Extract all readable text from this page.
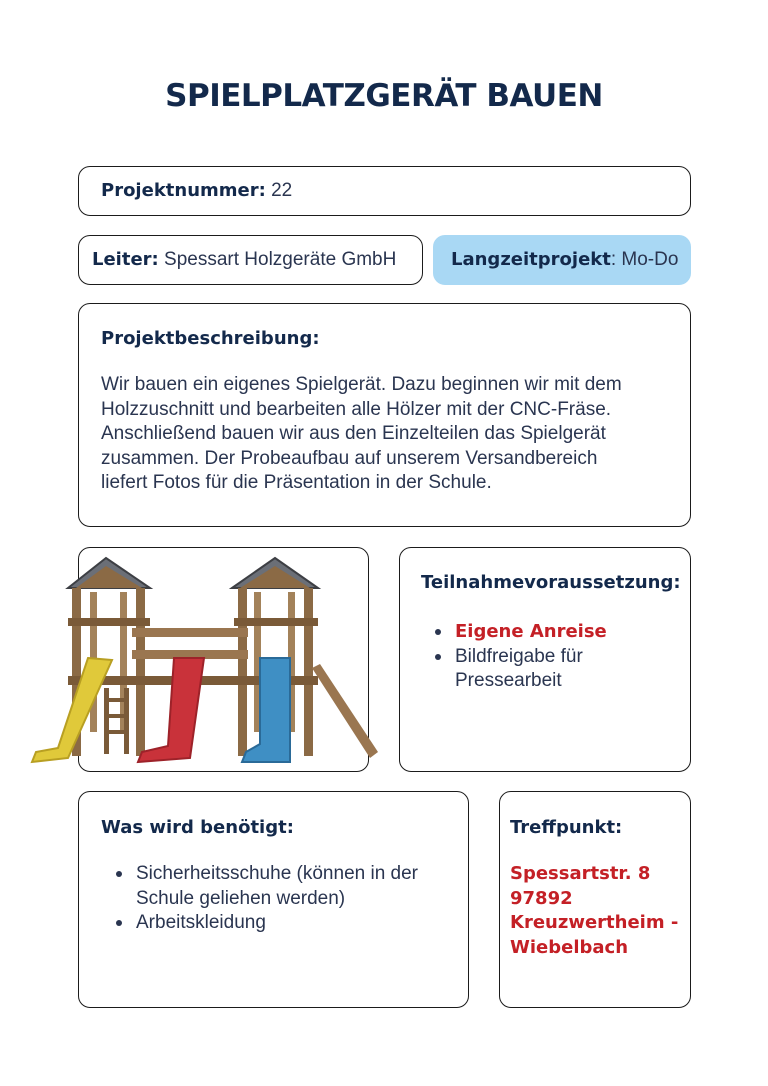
SPIELPLATZGERÄT BAUEN
Projektnummer: 22
Leiter: Spessart Holzgeräte GmbH	Langzeitprojekt: Mo-Do
Projektbeschreibung:
Wir bauen ein eigenes Spielgerät. Dazu beginnen wir mit dem
Holzzuschnitt und bearbeiten alle Hölzer mit der CNC-Fräse.
Anschließend bauen wir aus den Einzelteilen das Spielgerät
zusammen. Der Probeaufbau auf unserem Versandbereich
liefert Fotos für die Präsentation in der Schule.
Teilnahmevoraussetzung:
Eigene Anreise
Bildfreigabe für
Pressearbeit
Was wird benötigt:
Sicherheitsschuhe (können in der
Schule geliehen werden)
Arbeitskleidung
Treffpunkt:
Spessartstr. 8
97892
Kreuzwertheim -
Wiebelbach
